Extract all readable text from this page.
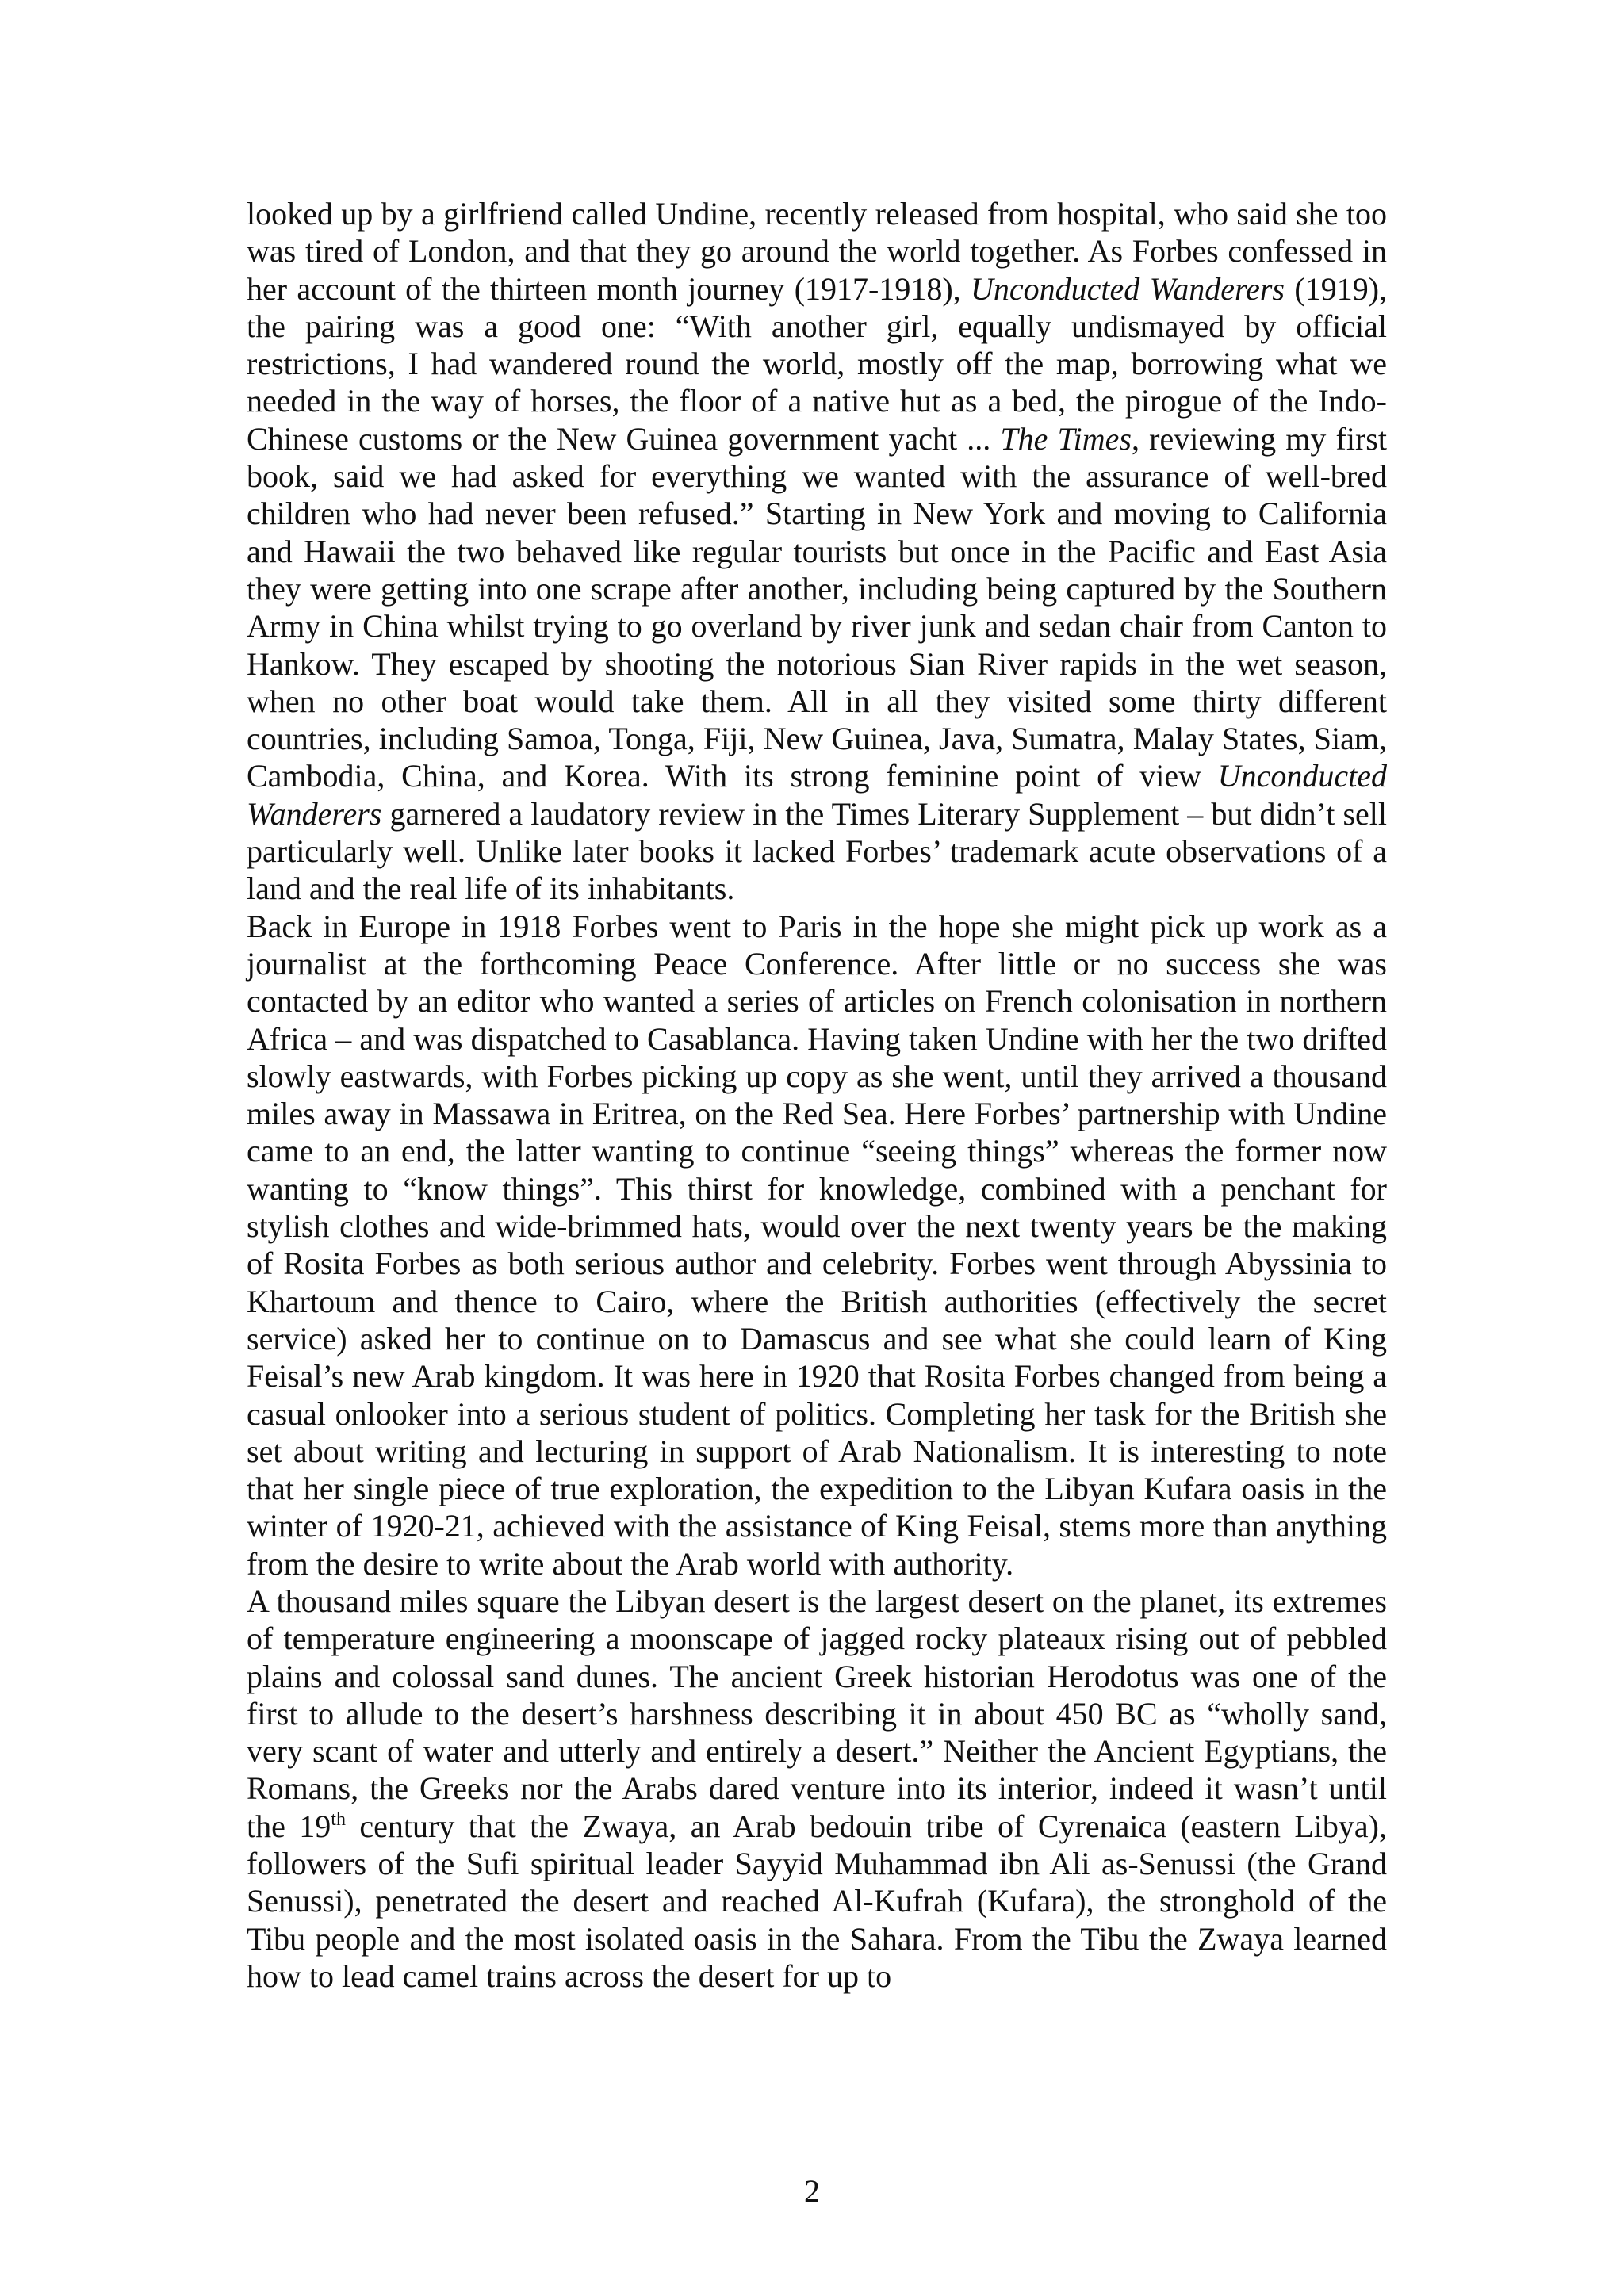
looked up by a girlfriend called Undine, recently released from hospital, who said she too was tired of London, and that they go around the world together. As Forbes confessed in her account of the thirteen month journey (1917-1918), Unconducted Wanderers (1919), the pairing was a good one: “With another girl, equally undismayed by official restrictions, I had wandered round the world, mostly off the map, borrowing what we needed in the way of horses, the floor of a native hut as a bed, the pirogue of the Indo-Chinese customs or the New Guinea government yacht ... The Times, reviewing my first book, said we had asked for everything we wanted with the assurance of well-bred children who had never been refused.” Starting in New York and moving to California and Hawaii the two behaved like regular tourists but once in the Pacific and East Asia they were getting into one scrape after another, including being captured by the Southern Army in China whilst trying to go overland by river junk and sedan chair from Canton to Hankow. They escaped by shooting the notorious Sian River rapids in the wet season, when no other boat would take them. All in all they visited some thirty different countries, including Samoa, Tonga, Fiji, New Guinea, Java, Sumatra, Malay States, Siam, Cambodia, China, and Korea. With its strong feminine point of view Unconducted Wanderers garnered a laudatory review in the Times Literary Supplement – but didn’t sell particularly well. Unlike later books it lacked Forbes’ trademark acute observations of a land and the real life of its inhabitants.

Back in Europe in 1918 Forbes went to Paris in the hope she might pick up work as a journalist at the forthcoming Peace Conference. After little or no success she was contacted by an editor who wanted a series of articles on French colonisation in northern Africa – and was dispatched to Casablanca. Having taken Undine with her the two drifted slowly eastwards, with Forbes picking up copy as she went, until they arrived a thousand miles away in Massawa in Eritrea, on the Red Sea. Here Forbes’ partnership with Undine came to an end, the latter wanting to continue “seeing things” whereas the former now wanting to “know things”. This thirst for knowledge, combined with a penchant for stylish clothes and wide-brimmed hats, would over the next twenty years be the making of Rosita Forbes as both serious author and celebrity. Forbes went through Abyssinia to Khartoum and thence to Cairo, where the British authorities (effectively the secret service) asked her to continue on to Damascus and see what she could learn of King Feisal’s new Arab kingdom. It was here in 1920 that Rosita Forbes changed from being a casual onlooker into a serious student of politics. Completing her task for the British she set about writing and lecturing in support of Arab Nationalism. It is interesting to note that her single piece of true exploration, the expedition to the Libyan Kufara oasis in the winter of 1920-21, achieved with the assistance of King Feisal, stems more than anything from the desire to write about the Arab world with authority.

A thousand miles square the Libyan desert is the largest desert on the planet, its extremes of temperature engineering a moonscape of jagged rocky plateaux rising out of pebbled plains and colossal sand dunes. The ancient Greek historian Herodotus was one of the first to allude to the desert’s harshness describing it in about 450 BC as “wholly sand, very scant of water and utterly and entirely a desert.” Neither the Ancient Egyptians, the Romans, the Greeks nor the Arabs dared venture into its interior, indeed it wasn’t until the 19th century that the Zwaya, an Arab bedouin tribe of Cyrenaica (eastern Libya), followers of the Sufi spiritual leader Sayyid Muhammad ibn Ali as-Senussi (the Grand Senussi), penetrated the desert and reached Al-Kufrah (Kufara), the stronghold of the Tibu people and the most isolated oasis in the Sahara. From the Tibu the Zwaya learned how to lead camel trains across the desert for up to

2
